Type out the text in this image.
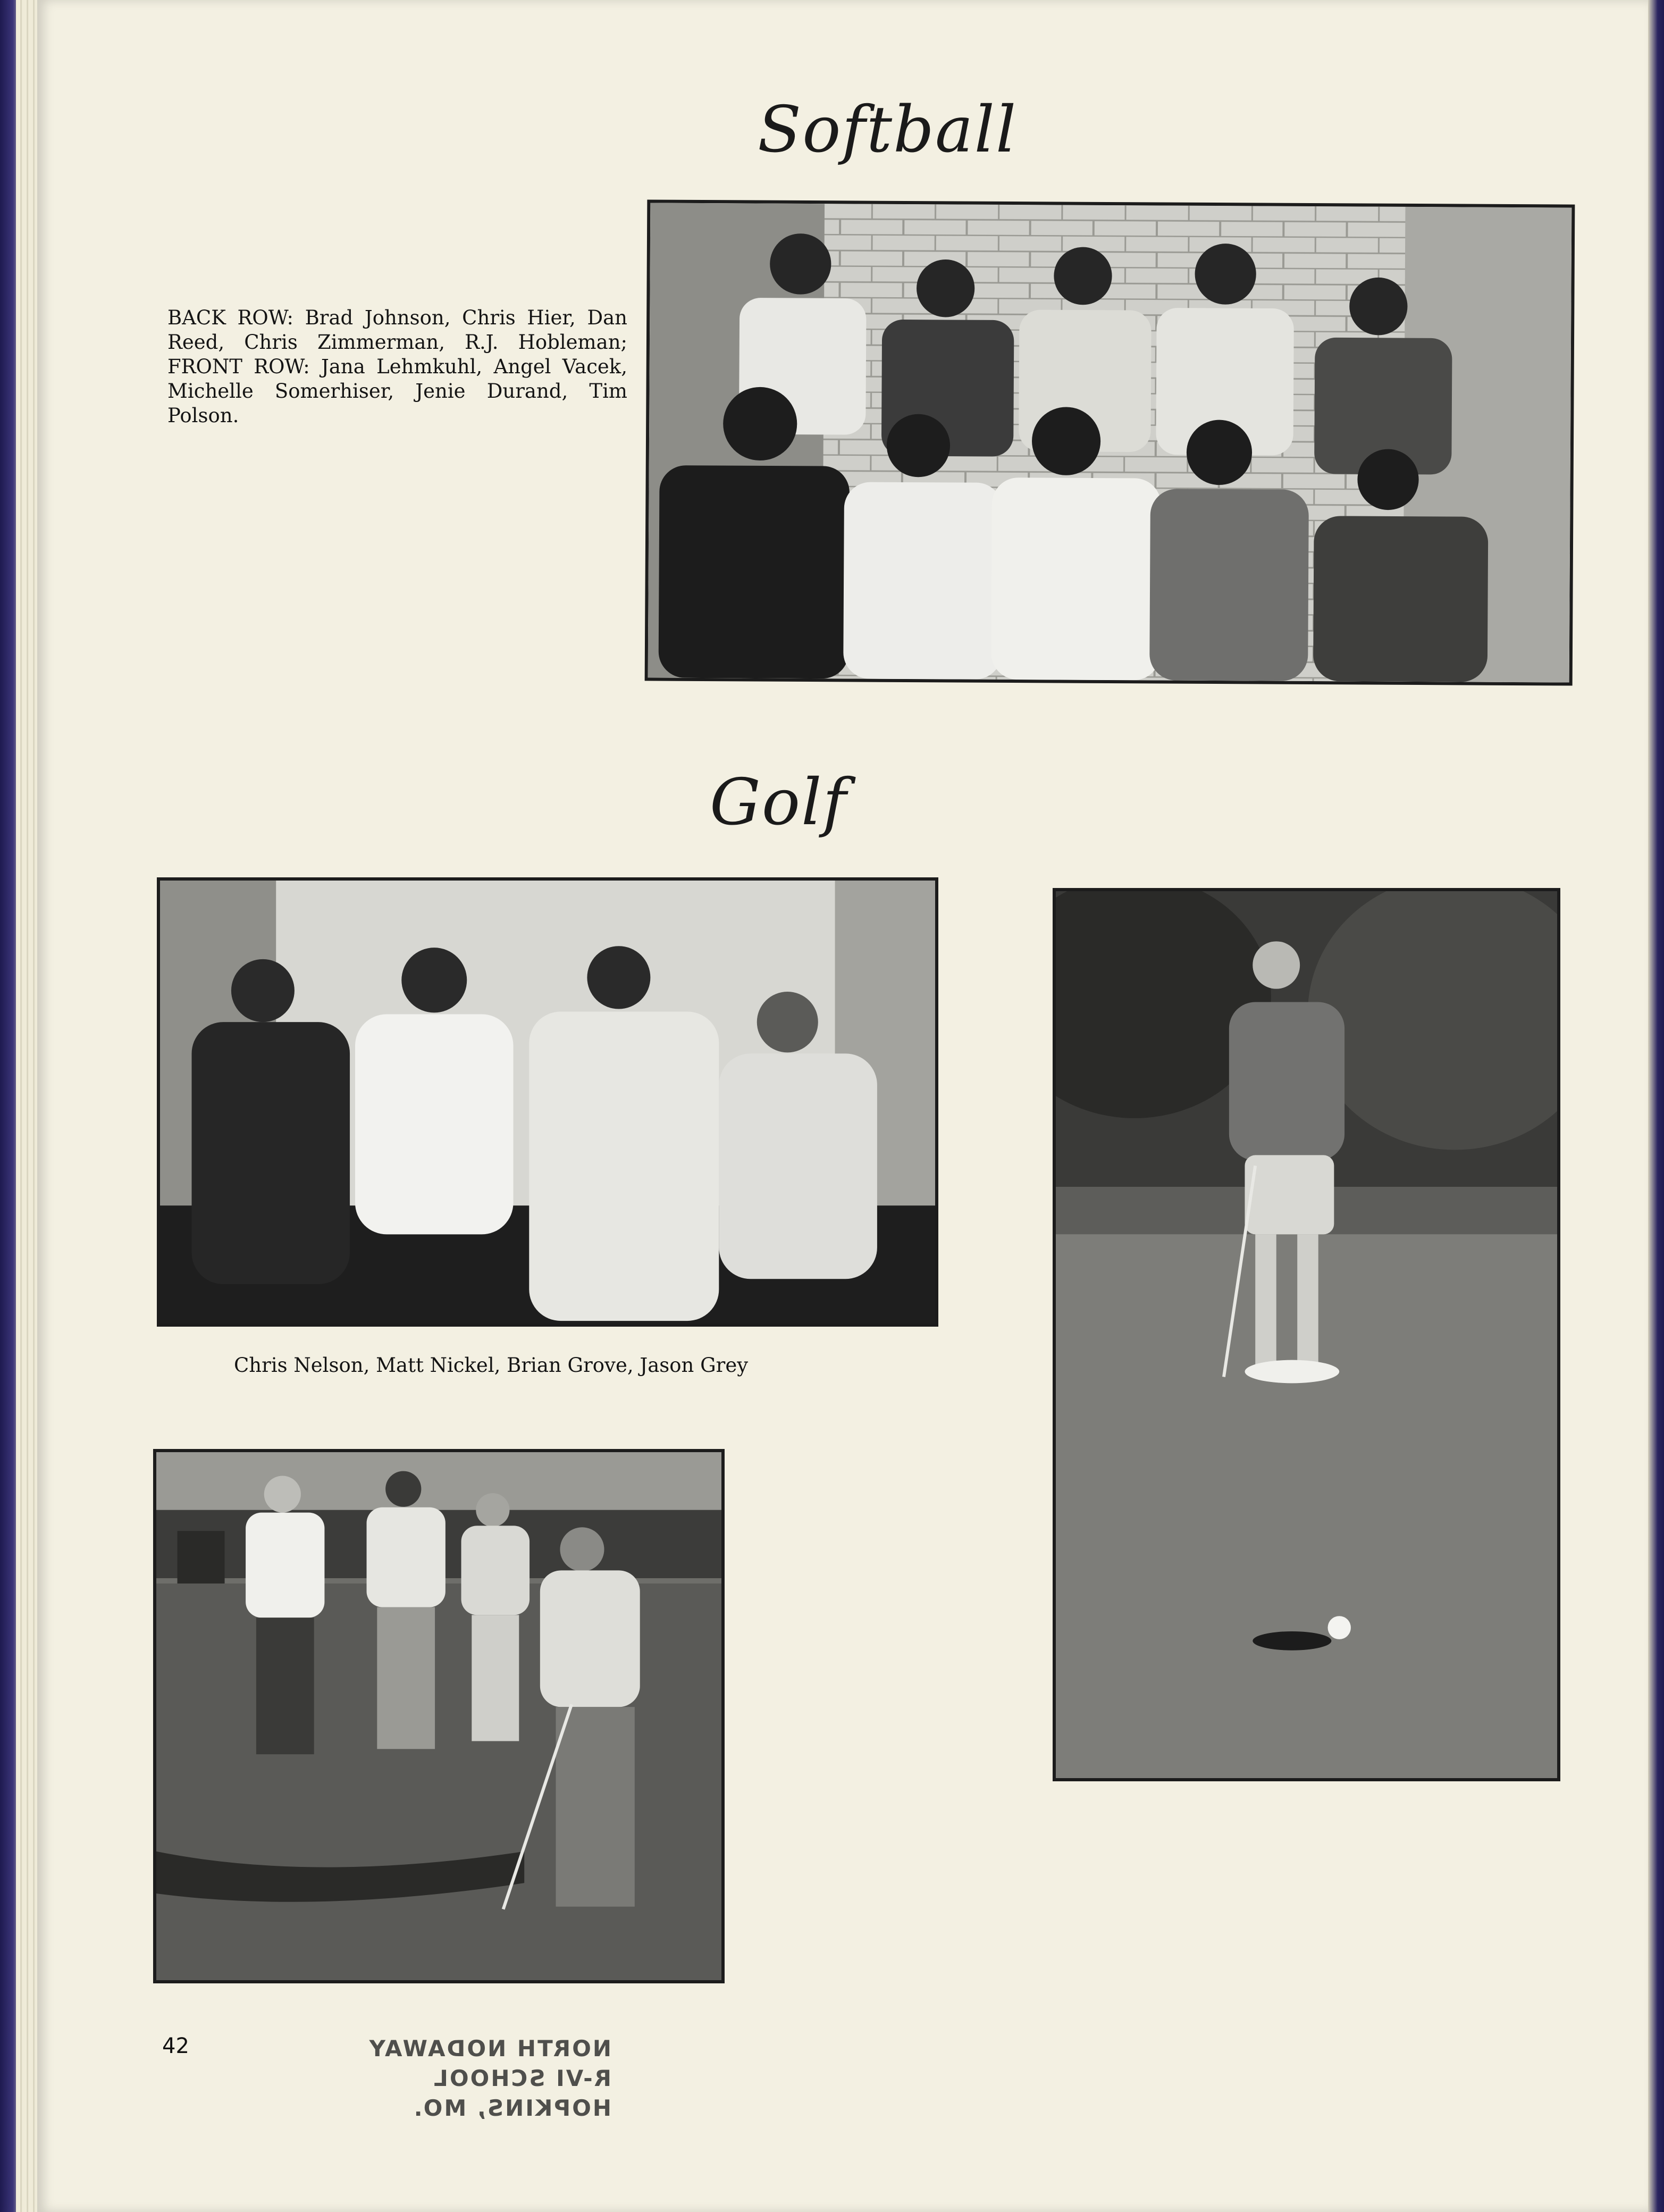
Softball
BACK ROW: Brad Johnson, Chris Hier, Dan Reed, Chris Zimmerman, R.J. Hobleman; FRONT ROW: Jana Lehmkuhl, Angel Vacek, Michelle Somerhiser, Jenie Durand, Tim Polson.
Golf
Chris Nelson, Matt Nickel, Brian Grove, Jason Grey
42	NORTH NODAWAY
R-VI SCHOOL
HOPKINS, MO.
